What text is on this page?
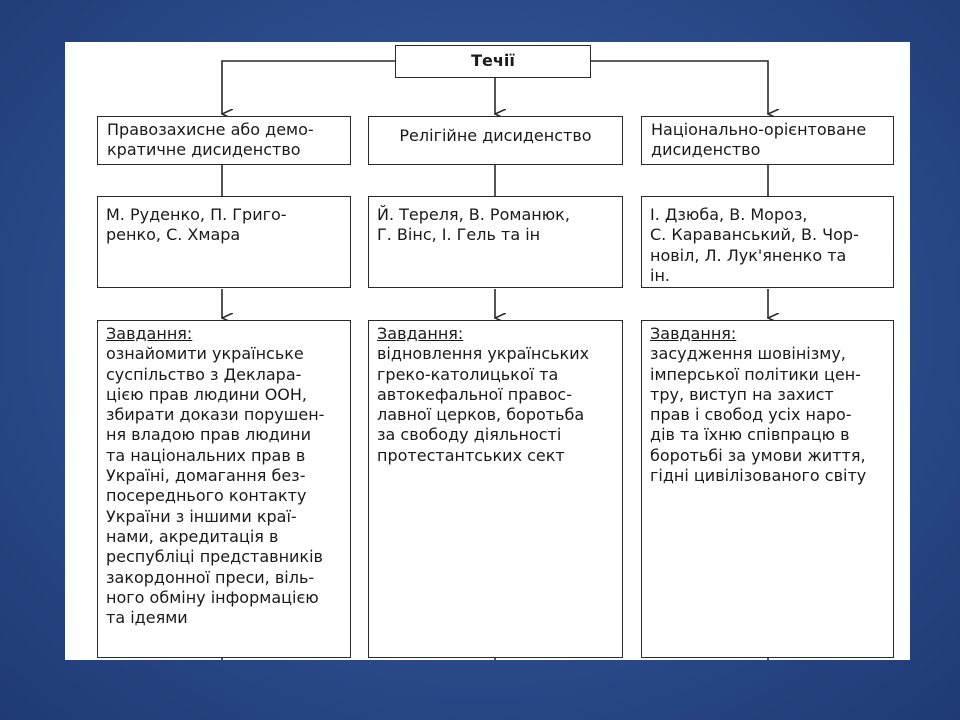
Течії
Правозахисне або демо-
кратичне дисиденство
М. Руденко, П. Григо-
ренко, С. Хмара
Завдання:
ознайомити українське
суспільство з Деклара-
цією прав людини ООН,
збирати докази порушен-
ня владою прав людини
та національних прав в
Україні, домагання без-
посереднього контакту
України з іншими краї-
нами, акредитація в
республіці представників
закордонної преси, віль-
ного обміну інформацією
та ідеями
Релігійне дисиденство
Й. Тереля, В. Романюк,
Г. Вінс, І. Гель та ін
Завдання:
відновлення українських
греко-католицької та
автокефальної правос-
лавної церков, боротьба
за свободу діяльності
протестантських сект
Національно-орієнтоване
дисиденство
І. Дзюба, В. Мороз,
С. Караванський, В. Чор-
новіл, Л. Лук'яненко та
ін.
Завдання:
засудження шовінізму,
імперської політики цен-
тру, виступ на захист
прав і свобод усіх наро-
дів та їхню співпрацю в
боротьбі за умови життя,
гідні цивілізованого світу
